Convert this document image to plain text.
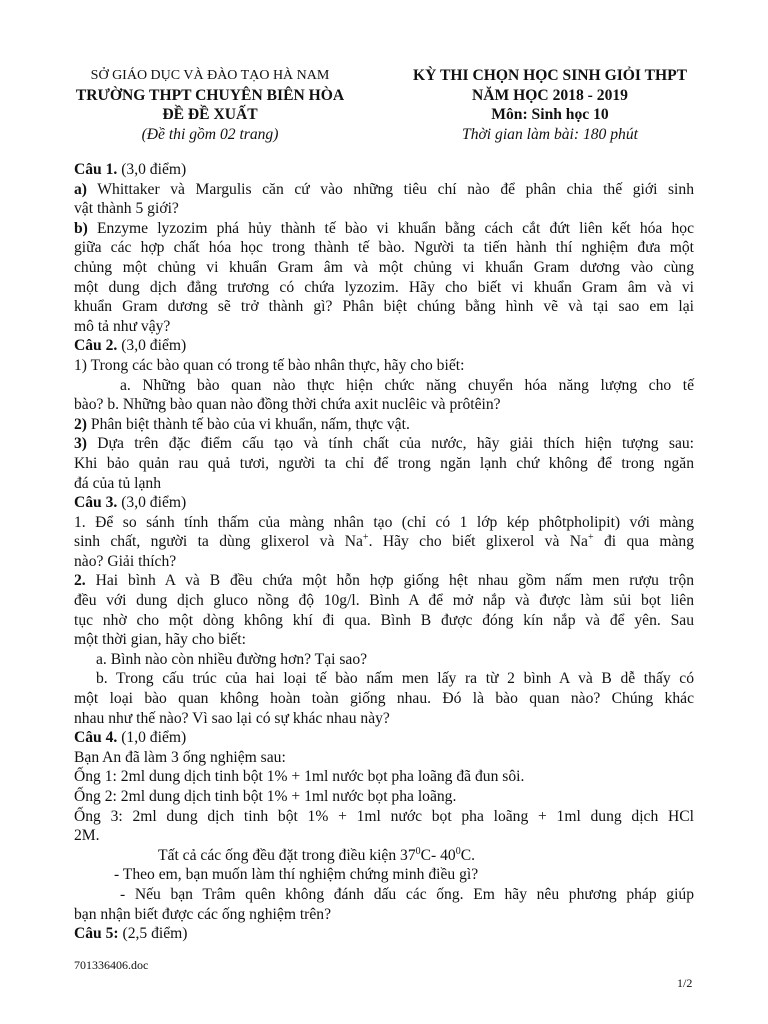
SỞ GIÁO DỤC VÀ ĐÀO TẠO HÀ NAM
TRƯỜNG THPT CHUYÊN BIÊN HÒA
ĐỀ ĐỀ XUẤT
(Đề thi gồm 02 trang)
KỲ THI CHỌN HỌC SINH GIỎI THPT
NĂM HỌC 2018 - 2019
Môn: Sinh học 10
Thời gian làm bài: 180 phút
Câu 1. (3,0 điểm)
a) Whittaker và Margulis căn cứ vào những tiêu chí nào để phân chia thế giới sinh
vật thành 5 giới?
b) Enzyme lyzozim phá hủy thành tế bào vi khuẩn bằng cách cắt đứt liên kết hóa học
giữa các hợp chất hóa học trong thành tế bào. Người ta tiến hành thí nghiệm đưa một
chủng một chủng vi khuẩn Gram âm và một chủng vi khuẩn Gram dương vào cùng
một dung dịch đẳng trương có chứa lyzozim. Hãy cho biết vi khuẩn Gram âm và vi
khuẩn Gram dương sẽ trở thành gì? Phân biệt chúng bằng hình vẽ và tại sao em lại
mô tả như vậy?
Câu 2. (3,0 điểm)
1) Trong các bào quan có trong tế bào nhân thực, hãy cho biết:
a. Những bào quan nào thực hiện chức năng chuyển hóa năng lượng cho tế
bào? b. Những bào quan nào đồng thời chứa axit nuclêic và prôtêin?
2) Phân biệt thành tế bào của vi khuẩn, nấm, thực vật.
3) Dựa trên đặc điểm cấu tạo và tính chất của nước, hãy giải thích hiện tượng sau:
Khi bảo quản rau quả tươi, người ta chỉ để trong ngăn lạnh chứ không để trong ngăn
đá của tủ lạnh
Câu 3. (3,0 điểm)
1. Để so sánh tính thấm của màng nhân tạo (chỉ có 1 lớp kép phôtpholipit) với màng
sinh chất, người ta dùng glixerol và Na+. Hãy cho biết glixerol và Na+ đi qua màng
nào? Giải thích?
2. Hai bình A và B đều chứa một hỗn hợp giống hệt nhau gồm nấm men rượu trộn
đều với dung dịch gluco nồng độ 10g/l. Bình A để mở nắp và được làm sủi bọt liên
tục nhờ cho một dòng không khí đi qua. Bình B được đóng kín nắp và để yên. Sau
một thời gian, hãy cho biết:
a. Bình nào còn nhiều đường hơn? Tại sao?
b. Trong cấu trúc của hai loại tế bào nấm men lấy ra từ 2 bình A và B dễ thấy có
một loại bào quan không hoàn toàn giống nhau. Đó là bào quan nào? Chúng khác
nhau như thế nào? Vì sao lại có sự khác nhau này?
Câu 4. (1,0 điểm)
Bạn An đã làm 3 ống nghiệm sau:
Ống 1: 2ml dung dịch tinh bột 1% + 1ml nước bọt pha loãng đã đun sôi.
Ống 2: 2ml dung dịch tinh bột 1% + 1ml nước bọt pha loãng.
Ống 3: 2ml dung dịch tinh bột 1% + 1ml nước bọt pha loãng + 1ml dung dịch HCl
2M.
Tất cả các ống đều đặt trong điều kiện $37^0C-$ $40^0C$.
- Theo em, bạn muốn làm thí nghiệm chứng minh điều gì?
- Nếu bạn Trâm quên không đánh dấu các ống. Em hãy nêu phương pháp giúp
bạn nhận biết được các ống nghiệm trên?
Câu 5: (2,5 điểm)
701336406.doc
1/2
